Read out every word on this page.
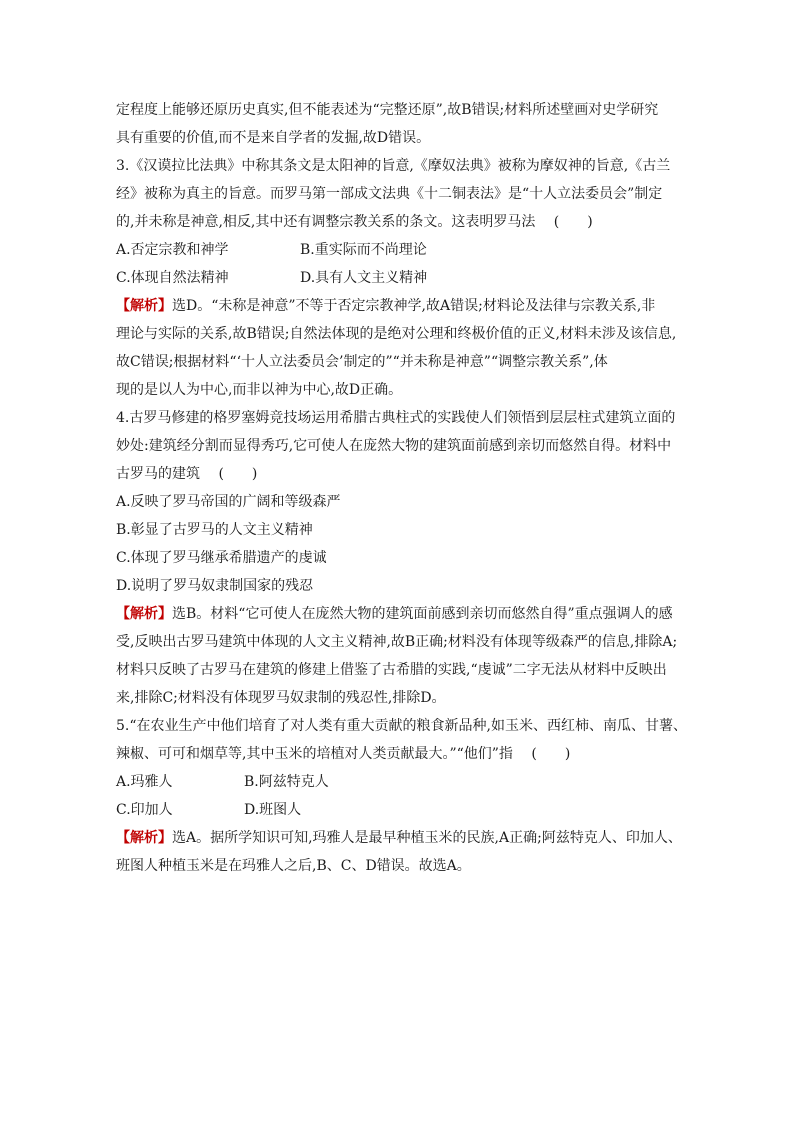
定程度上能够还原历史真实,但不能表述为“完整还原”,故B错误;材料所述壁画对史学研究
具有重要的价值,而不是来自学者的发掘,故D错误。
3.《汉谟拉比法典》中称其条文是太阳神的旨意,《摩奴法典》被称为摩奴神的旨意,《古兰
经》被称为真主的旨意。而罗马第一部成文法典《十二铜表法》是“十人立法委员会”制定
的,并未称是神意,相反,其中还有调整宗教关系的条文。这表明罗马法　 (　　)
A.否定宗教和神学	B.重实际而不尚理论
C.体现自然法精神	D.具有人文主义精神
【解析】 选D。“未称是神意”不等于否定宗教神学,故A错误;材料论及法律与宗教关系,非
理论与实际的关系,故B错误;自然法体现的是绝对公理和终极价值的正义,材料未涉及该信息,
故C错误;根据材料“‘十人立法委员会’制定的”“并未称是神意”“调整宗教关系”,体
现的是以人为中心,而非以神为中心,故D正确。
4.古罗马修建的格罗塞姆竞技场运用希腊古典柱式的实践使人们领悟到层层柱式建筑立面的
妙处:建筑经分割而显得秀巧,它可使人在庞然大物的建筑面前感到亲切而悠然自得。材料中
古罗马的建筑　 (　　)
A.反映了罗马帝国的广阔和等级森严
B.彰显了古罗马的人文主义精神
C.体现了罗马继承希腊遗产的虔诚
D.说明了罗马奴隶制国家的残忍
【解析】 选B。材料“它可使人在庞然大物的建筑面前感到亲切而悠然自得”重点强调人的感
受,反映出古罗马建筑中体现的人文主义精神,故B正确;材料没有体现等级森严的信息,排除A;
材料只反映了古罗马在建筑的修建上借鉴了古希腊的实践,“虔诚”二字无法从材料中反映出
来,排除C;材料没有体现罗马奴隶制的残忍性,排除D。
5.“在农业生产中他们培育了对人类有重大贡献的粮食新品种,如玉米、西红柿、南瓜、甘薯、
辣椒、可可和烟草等,其中玉米的培植对人类贡献最大。”“他们”指　 (　　)
A.玛雅人	B.阿兹特克人
C.印加人	D.班图人
【解析】 选A。据所学知识可知,玛雅人是最早种植玉米的民族,A正确;阿兹特克人、印加人、
班图人种植玉米是在玛雅人之后,B、C、D错误。故选A。
